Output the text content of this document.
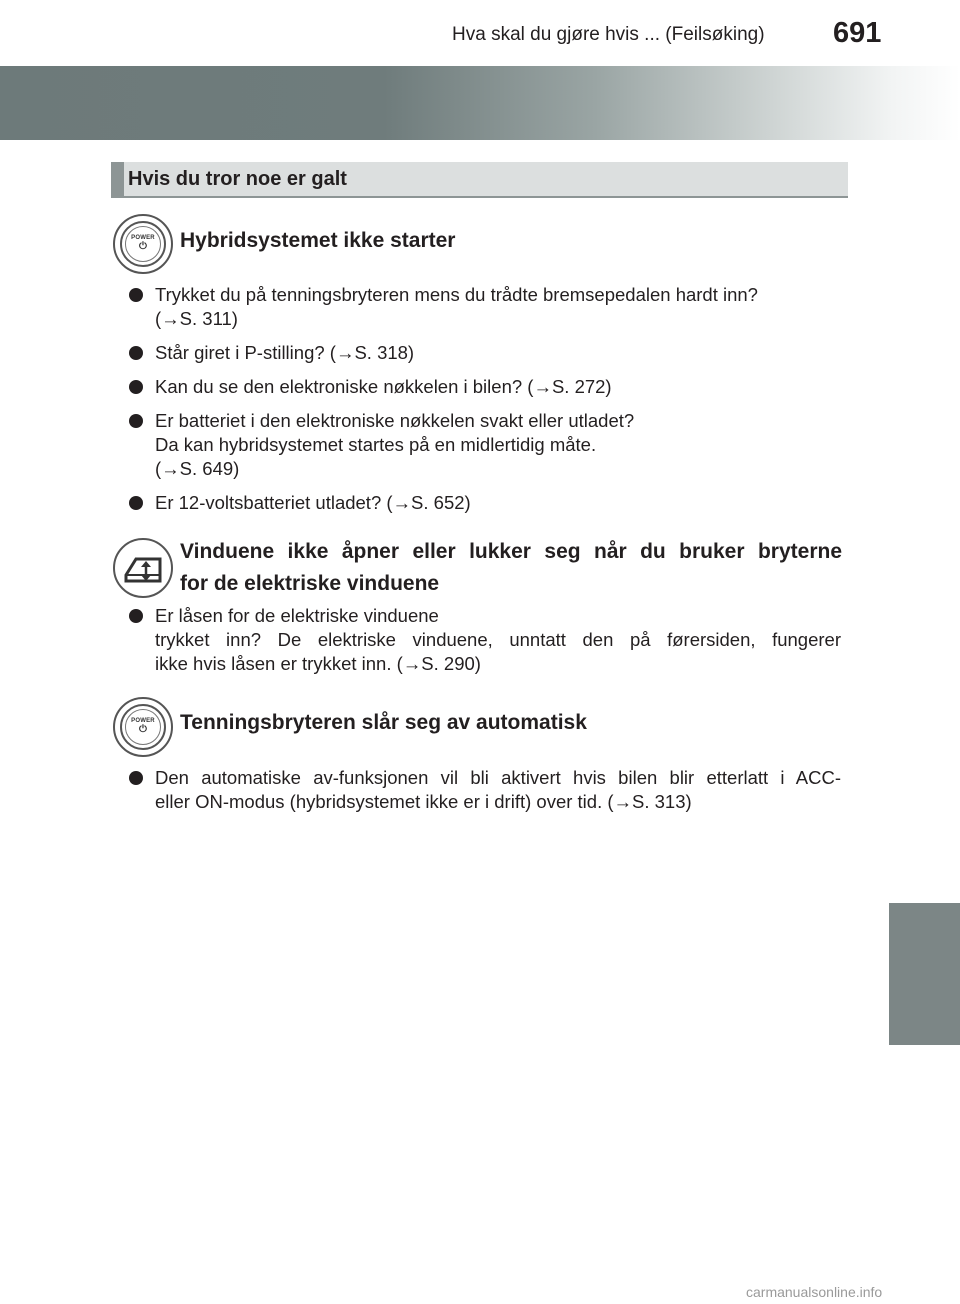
Hva skal du gjøre hvis ... (Feilsøking) 691
Hvis du tror noe er galt
POWER
⏻	Hybridsystemet ikke starter
Trykket du på tenningsbryteren mens du trådte bremsepedalen hardt inn?
(→S. 311)
Står giret i P-stilling? (→S. 318)
Kan du se den elektroniske nøkkelen i bilen? (→S. 272)
Er batteriet i den elektroniske nøkkelen svakt eller utladet?
Da kan hybridsystemet startes på en midlertidig måte.
(→S. 649)
Er 12-voltsbatteriet utladet? (→S. 652)
Vinduene ikke åpner eller lukker seg når du bruker bryterne
for de elektriske vinduene
Er låsen for de elektriske vinduene
trykket inn? De elektriske vinduene, unntatt den på førersiden, fungerer
ikke hvis låsen er trykket inn. (→S. 290)
POWER
⏻	Tenningsbryteren slår seg av automatisk
Den automatiske av-funksjonen vil bli aktivert hvis bilen blir etterlatt i ACC-
eller ON-modus (hybridsystemet ikke er i drift) over tid. (→S. 313)
carmanualsonline.info
